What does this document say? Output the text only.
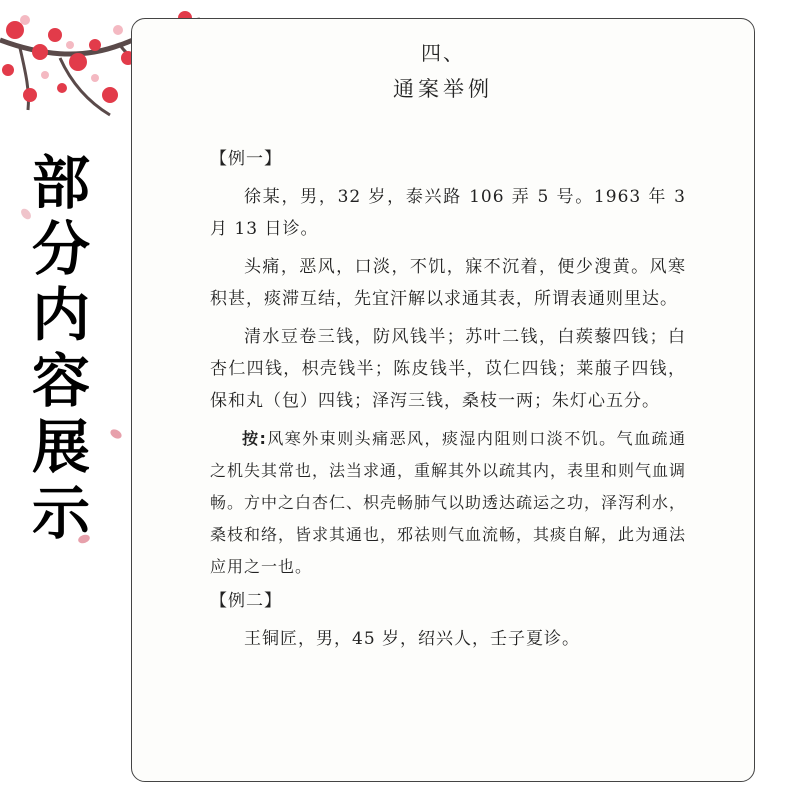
部
分
内
容
展
示
四、
通案举例
【例一】

徐某，男，32 岁，泰兴路 106 弄 5 号。1963 年 3 月 13 日诊。

头痛，恶风，口淡，不饥，寐不沉着，便少溲黄。风寒积甚，痰滞互结，先宜汗解以求通其表，所谓表通则里达。

清水豆卷三钱，防风钱半；苏叶二钱，白蒺藜四钱；白杏仁四钱，枳壳钱半；陈皮钱半，苡仁四钱；莱菔子四钱，保和丸（包）四钱；泽泻三钱，桑枝一两；朱灯心五分。

按:风寒外束则头痛恶风，痰湿内阻则口淡不饥。气血疏通之机失其常也，法当求通，重解其外以疏其内，表里和则气血调畅。方中之白杏仁、枳壳畅肺气以助透达疏运之功，泽泻利水，桑枝和络，皆求其通也，邪祛则气血流畅，其痰自解，此为通法应用之一也。

【例二】

王铜匠，男，45 岁，绍兴人，壬子夏诊。
